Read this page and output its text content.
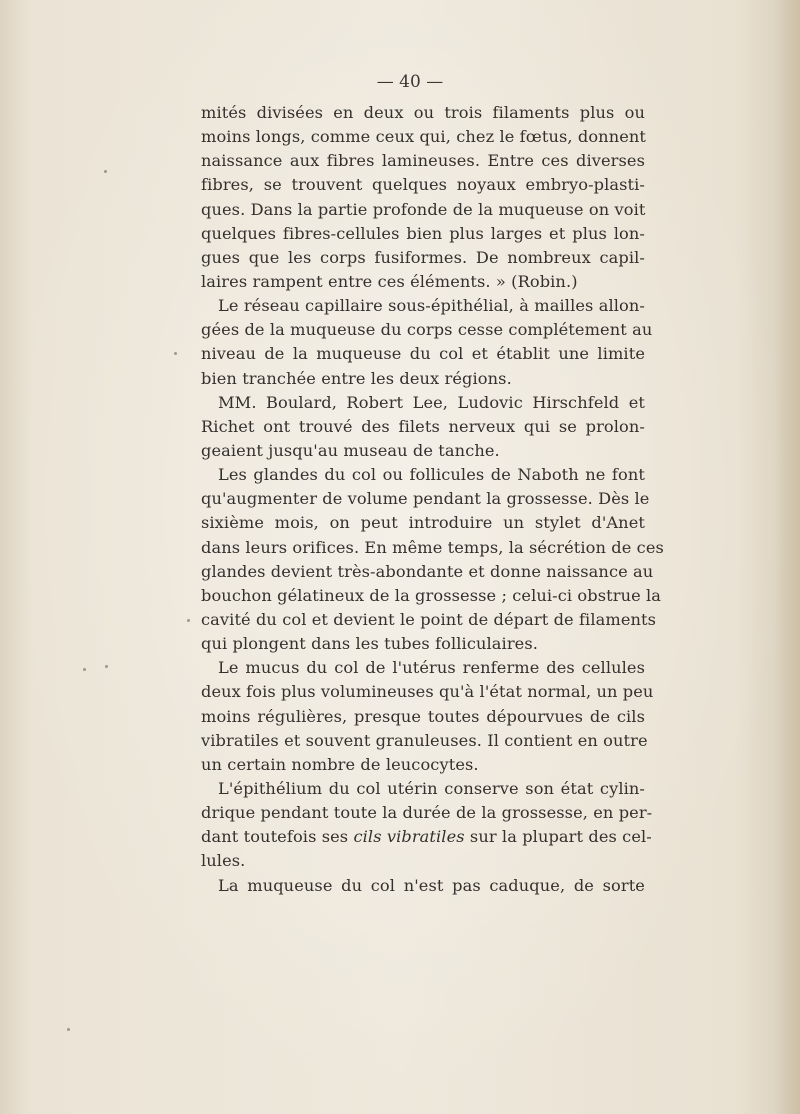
— 40 —
mités divisées en deux ou trois filaments plus ou
moins longs, comme ceux qui, chez le fœtus, donnent
naissance aux fibres lamineuses. Entre ces diverses
fibres, se trouvent quelques noyaux embryo-plasti-
ques. Dans la partie profonde de la muqueuse on voit
quelques fibres-cellules bien plus larges et plus lon-
gues que les corps fusiformes. De nombreux capil-
laires rampent entre ces éléments. » (Robin.)
Le réseau capillaire sous-épithélial, à mailles allon-
gées de la muqueuse du corps cesse complétement au
niveau de la muqueuse du col et établit une limite
bien tranchée entre les deux régions.
MM. Boulard, Robert Lee, Ludovic Hirschfeld et
Richet ont trouvé des filets nerveux qui se prolon-
geaient jusqu'au museau de tanche.
Les glandes du col ou follicules de Naboth ne font
qu'augmenter de volume pendant la grossesse. Dès le
sixième mois, on peut introduire un stylet d'Anet
dans leurs orifices. En même temps, la sécrétion de ces
glandes devient très-abondante et donne naissance au
bouchon gélatineux de la grossesse ; celui-ci obstrue la
cavité du col et devient le point de départ de filaments
qui plongent dans les tubes folliculaires.
Le mucus du col de l'utérus renferme des cellules
deux fois plus volumineuses qu'à l'état normal, un peu
moins régulières, presque toutes dépourvues de cils
vibratiles et souvent granuleuses. Il contient en outre
un certain nombre de leucocytes.
L'épithélium du col utérin conserve son état cylin-
drique pendant toute la durée de la grossesse, en per-
dant toutefois ses cils vibratiles sur la plupart des cel-
lules.
La muqueuse du col n'est pas caduque, de sorte
